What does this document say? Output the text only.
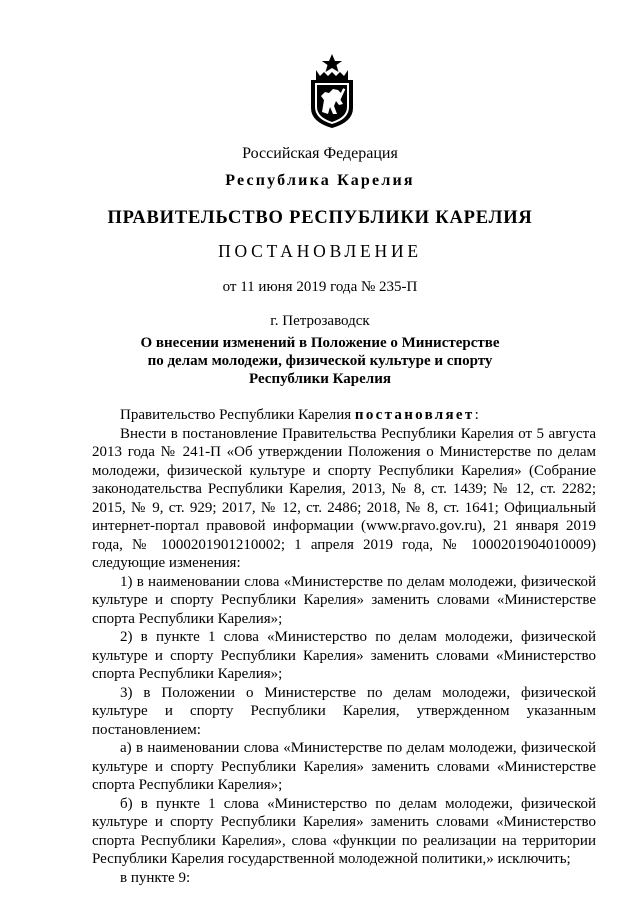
Российская Федерация
Республика Карелия
ПРАВИТЕЛЬСТВО РЕСПУБЛИКИ КАРЕЛИЯ
ПОСТАНОВЛЕНИЕ
от 11 июня 2019 года № 235-П
г. Петрозаводск
О внесении изменений в Положение о Министерстве
по делам молодежи, физической культуре и спорту
Республики Карелия

Правительство Республики Карелия постановляет:

Внести в постановление Правительства Республики Карелия от 5 августа 2013 года № 241-П «Об утверждении Положения о Министерстве по делам молодежи, физической культуре и спорту Республики Карелия» (Собрание законодательства Республики Карелия, 2013, № 8, ст. 1439; № 12, ст. 2282; 2015, № 9, ст. 929; 2017, № 12, ст. 2486; 2018, № 8, ст. 1641; Официальный интернет-портал правовой информации (www.pravo.gov.ru), 21 января 2019 года, № 1000201901210002; 1 апреля 2019 года, № 1000201904010009) следующие изменения:

1) в наименовании слова «Министерстве по делам молодежи, физической культуре и спорту Республики Карелия» заменить словами «Министерстве спорта Республики Карелия»;

2) в пункте 1 слова «Министерство по делам молодежи, физической культуре и спорту Республики Карелия» заменить словами «Министерство спорта Республики Карелия»;

3) в Положении о Министерстве по делам молодежи, физической культуре и спорту Республики Карелия, утвержденном указанным постановлением:

а) в наименовании слова «Министерстве по делам молодежи, физической культуре и спорту Республики Карелия» заменить словами «Министерстве спорта Республики Карелия»;

б) в пункте 1 слова «Министерство по делам молодежи, физической культуре и спорту Республики Карелия» заменить словами «Министерство спорта Республики Карелия», слова «функции по реализации на территории Республики Карелия государственной молодежной политики,» исключить;

в пункте 9:
